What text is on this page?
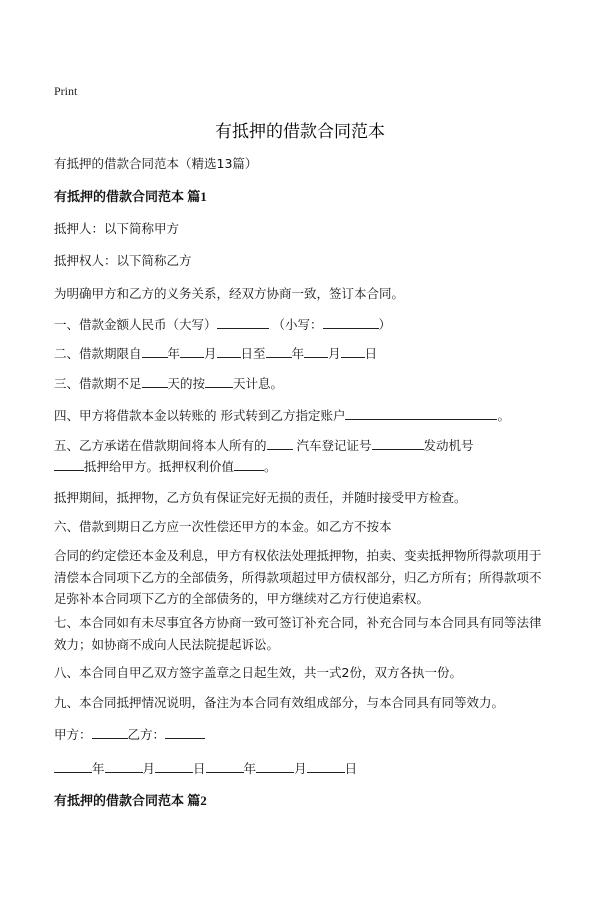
Print
有抵押的借款合同范本
有抵押的借款合同范本（精选13篇）
有抵押的借款合同范本 篇1
抵押人：以下简称甲方
抵押权人：以下简称乙方
为明确甲方和乙方的义务关系，经双方协商一致，签订本合同。
一、借款金额人民币（大写）	（小写：	）
二、借款期限自 年 月 日至 年 月 日
三、借款期不足 天的按 天计息。
四、甲方将借款本金以转账的 形式转到乙方指定账户	。
五、乙方承诺在借款期间将本人所有的 汽车登记证号	发动机号
抵押给甲方。抵押权利价值 。
抵押期间，抵押物，乙方负有保证完好无损的责任，并随时接受甲方检查。
六、借款到期日乙方应一次性偿还甲方的本金。如乙方不按本
合同的约定偿还本金及利息，甲方有权依法处理抵押物，拍卖、变卖抵押物所得款项用于清偿本合同项下乙方的全部债务，所得款项超过甲方债权部分，归乙方所有；所得款项不足弥补本合同项下乙方的全部债务的，甲方继续对乙方行使追索权。
七、本合同如有未尽事宜各方协商一致可签订补充合同，补充合同与本合同具有同等法律效力；如协商不成向人民法院提起诉讼。
八、本合同自甲乙双方签字盖章之日起生效，共一式2份，双方各执一份。
九、本合同抵押情况说明，备注为本合同有效组成部分，与本合同具有同等效力。
甲方：	乙方：
年	月	日	年	月	日
有抵押的借款合同范本 篇2
